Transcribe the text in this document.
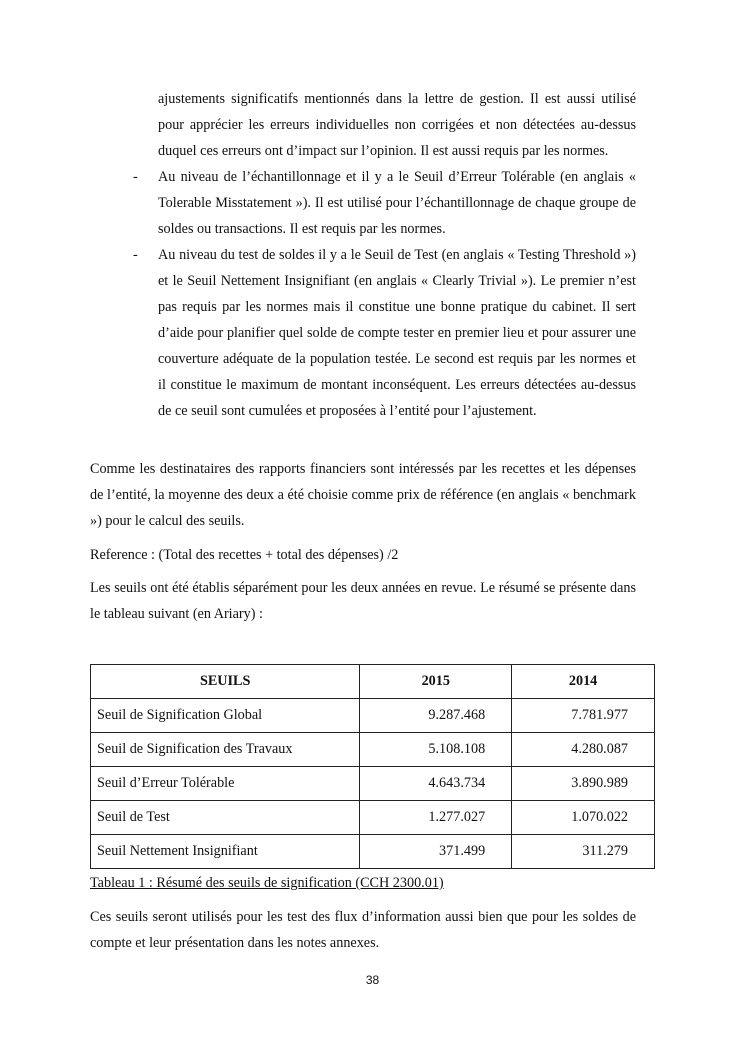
ajustements significatifs mentionnés dans la lettre de gestion. Il est aussi utilisé pour apprécier les erreurs individuelles non corrigées et non détectées au-dessus duquel ces erreurs ont d’impact sur l’opinion. Il est aussi requis par les normes.
- Au niveau de l’échantillonnage et il y a le Seuil d’Erreur Tolérable (en anglais « Tolerable Misstatement »). Il est utilisé pour l’échantillonnage de chaque groupe de soldes ou transactions. Il est requis par les normes.
- Au niveau du test de soldes il y a le Seuil de Test (en anglais « Testing Threshold ») et le Seuil Nettement Insignifiant (en anglais « Clearly Trivial »). Le premier n’est pas requis par les normes mais il constitue une bonne pratique du cabinet. Il sert d’aide pour planifier quel solde de compte tester en premier lieu et pour assurer une couverture adéquate de la population testée. Le second est requis par les normes et il constitue le maximum de montant inconséquent. Les erreurs détectées au-dessus de ce seuil sont cumulées et proposées à l’entité pour l’ajustement.
Comme les destinataires des rapports financiers sont intéressés par les recettes et les dépenses de l’entité, la moyenne des deux a été choisie comme prix de référence (en anglais « benchmark ») pour le calcul des seuils.
Reference : (Total des recettes + total des dépenses) /2
Les seuils ont été établis séparément pour les deux années en revue. Le résumé se présente dans le tableau suivant (en Ariary) :
SEUILS	2015	2014
Seuil de Signification Global	9.287.468	7.781.977
Seuil de Signification des Travaux	5.108.108	4.280.087
Seuil d’Erreur Tolérable	4.643.734	3.890.989
Seuil de Test	1.277.027	1.070.022
Seuil Nettement Insignifiant	371.499	311.279
Tableau 1 : Résumé des seuils de signification (CCH 2300.01)
Ces seuils seront utilisés pour les test des flux d’information aussi bien que pour les soldes de compte et leur présentation dans les notes annexes.
38
